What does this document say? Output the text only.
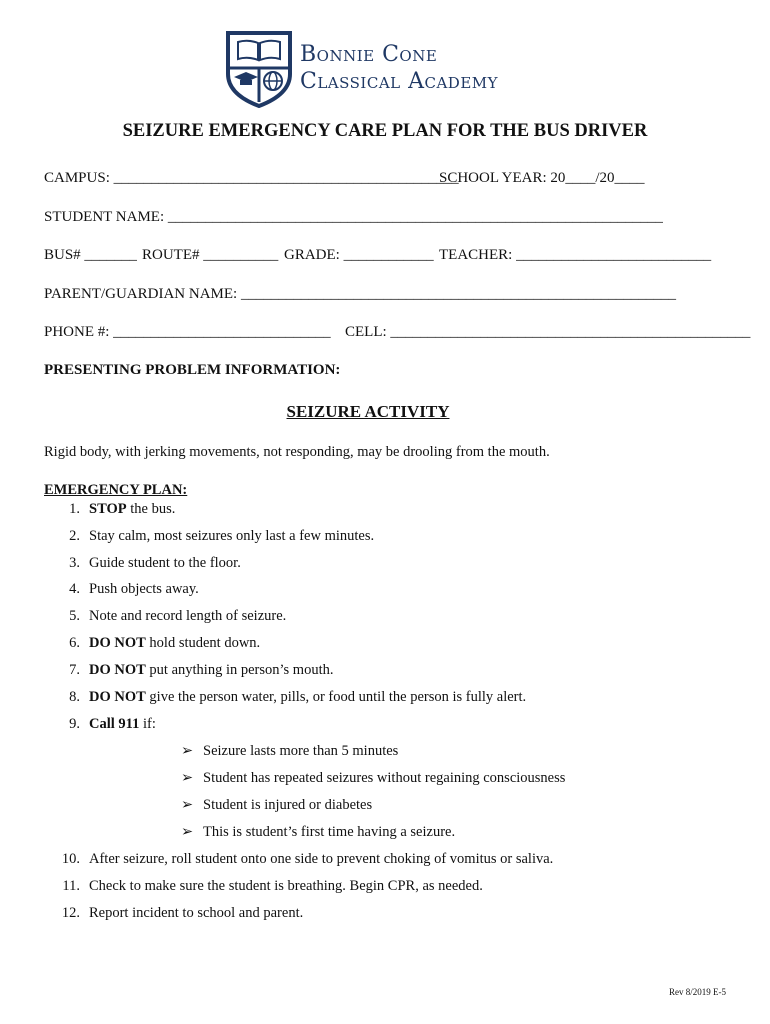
Bonnie Cone
Classical Academy
SEIZURE EMERGENCY CARE PLAN FOR THE BUS DRIVER
CAMPUS: ______________________________________________
SCHOOL YEAR: 20____/20____
STUDENT NAME: __________________________________________________________________
BUS# _______ ROUTE# __________ GRADE: ____________ TEACHER: __________________________
PARENT/GUARDIAN NAME: __________________________________________________________
PHONE #: _____________________________ CELL: ________________________________________________
PRESENTING PROBLEM INFORMATION:
SEIZURE ACTIVITY
Rigid body, with jerking movements, not responding, may be drooling from the mouth.
EMERGENCY PLAN:
1. STOP the bus.
2. Stay calm, most seizures only last a few minutes.
3. Guide student to the floor.
4. Push objects away.
5. Note and record length of seizure.
6. DO NOT hold student down.
7. DO NOT put anything in person’s mouth.
8. DO NOT give the person water, pills, or food until the person is fully alert.
9. Call 911 if:
➢ Seizure lasts more than 5 minutes
➢ Student has repeated seizures without regaining consciousness
➢ Student is injured or diabetes
➢ This is student’s first time having a seizure.
10. After seizure, roll student onto one side to prevent choking of vomitus or saliva.
11. Check to make sure the student is breathing. Begin CPR, as needed.
12. Report incident to school and parent.
Rev 8/2019 E-5
